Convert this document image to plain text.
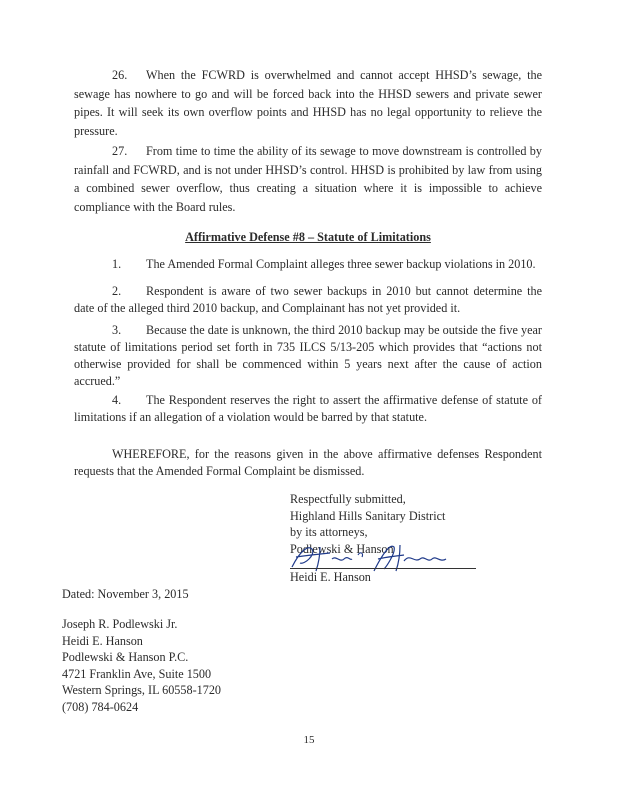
26. When the FCWRD is overwhelmed and cannot accept HHSD’s sewage, the sewage has nowhere to go and will be forced back into the HHSD sewers and private sewer pipes. It will seek its own overflow points and HHSD has no legal opportunity to relieve the pressure.

27. From time to time the ability of its sewage to move downstream is controlled by rainfall and FCWRD, and is not under HHSD’s control. HHSD is prohibited by law from using a combined sewer overflow, thus creating a situation where it is impossible to achieve compliance with the Board rules.

Affirmative Defense #8 – Statute of Limitations

1. The Amended Formal Complaint alleges three sewer backup violations in 2010.

2. Respondent is aware of two sewer backups in 2010 but cannot determine the date of the alleged third 2010 backup, and Complainant has not yet provided it.

3. Because the date is unknown, the third 2010 backup may be outside the five year statute of limitations period set forth in 735 ILCS 5/13-205 which provides that “actions not otherwise provided for shall be commenced within 5 years next after the cause of action accrued.”

4. The Respondent reserves the right to assert the affirmative defense of statute of limitations if an allegation of a violation would be barred by that statute.

WHEREFORE, for the reasons given in the above affirmative defenses Respondent requests that the Amended Formal Complaint be dismissed.

Respectfully submitted,
Highland Hills Sanitary District
by its attorneys,
Podlewski & Hanson
Heidi E. Hanson
Dated: November 3, 2015
Joseph R. Podlewski Jr.
Heidi E. Hanson
Podlewski & Hanson P.C.
4721 Franklin Ave, Suite 1500
Western Springs, IL 60558-1720
(708) 784-0624
15
